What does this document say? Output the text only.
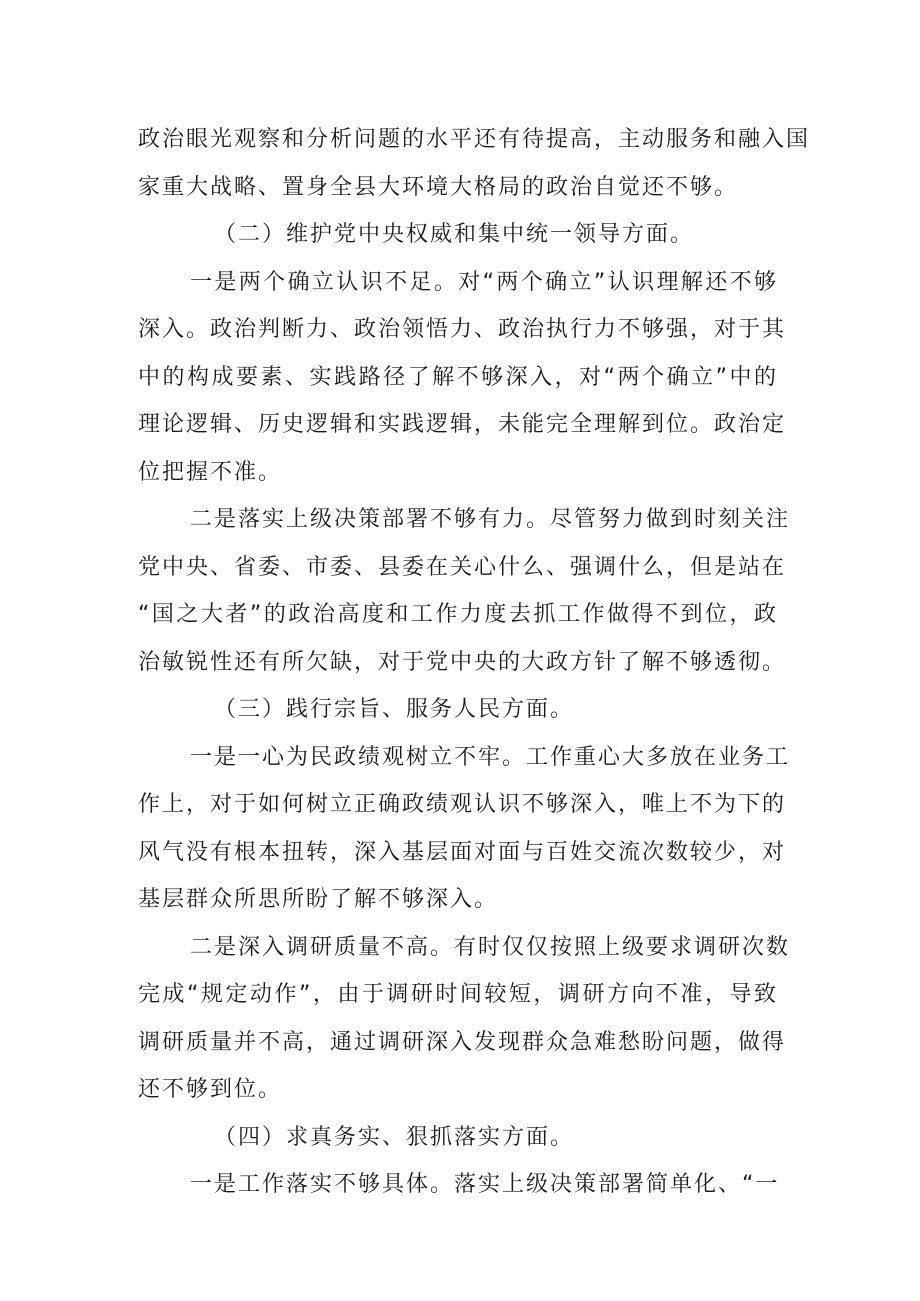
政治眼光观察和分析问题的水平还有待提高，主动服务和融入国
家重大战略、置身全县大环境大格局的政治自觉还不够。
（二）维护党中央权威和集中统一领导方面。
一是两个确立认识不足。对“两个确立”认识理解还不够
深入。政治判断力、政治领悟力、政治执行力不够强，对于其
中的构成要素、实践路径了解不够深入，对“两个确立”中的
理论逻辑、历史逻辑和实践逻辑，未能完全理解到位。政治定
位把握不准。
二是落实上级决策部署不够有力。尽管努力做到时刻关注
党中央、省委、市委、县委在关心什么、强调什么，但是站在
“国之大者”的政治高度和工作力度去抓工作做得不到位，政
治敏锐性还有所欠缺，对于党中央的大政方针了解不够透彻。
（三）践行宗旨、服务人民方面。
一是一心为民政绩观树立不牢。工作重心大多放在业务工
作上，对于如何树立正确政绩观认识不够深入，唯上不为下的
风气没有根本扭转，深入基层面对面与百姓交流次数较少，对
基层群众所思所盼了解不够深入。
二是深入调研质量不高。有时仅仅按照上级要求调研次数
完成“规定动作”，由于调研时间较短，调研方向不准，导致
调研质量并不高，通过调研深入发现群众急难愁盼问题，做得
还不够到位。
（四）求真务实、狠抓落实方面。
一是工作落实不够具体。落实上级决策部署简单化、“一
